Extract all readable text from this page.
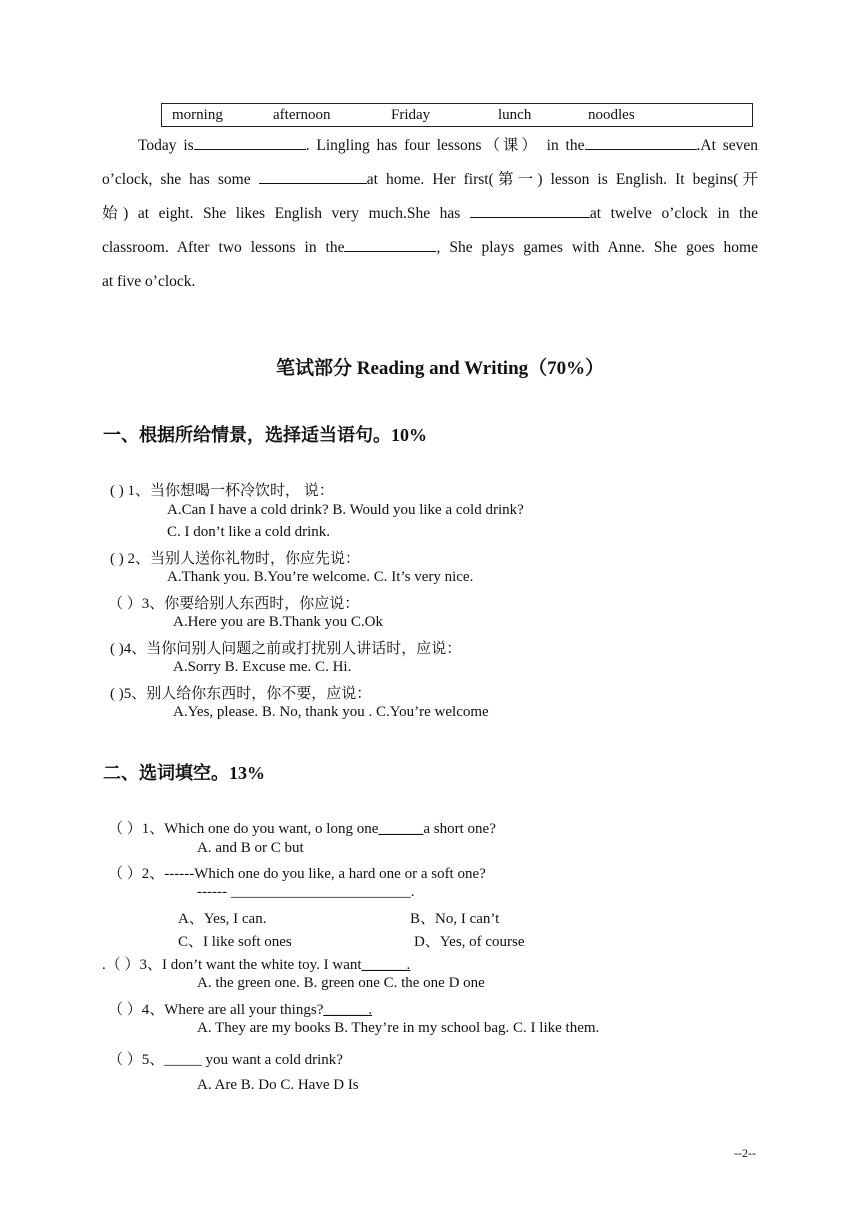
morning	afternoon	Friday	lunch	noodles
Today is	. Lingling has four lessons（课） in the	.At seven
o’clock, she has some	at home. Her first(第一) lesson is English. It begins(开
始) at eight. She likes English very much.She has	at twelve o’clock in the
classroom. After two lessons in the	, She plays games with Anne. She goes home
at five o’clock.
笔试部分 Reading and Writing（70%）
一、根据所给情景，选择适当语句。10%
( ) 1、当你想喝一杯冷饮时， 说：
A.Can I have a cold drink? B. Would you like a cold drink?
C. I don’t like a cold drink.
( ) 2、当别人送你礼物时，你应先说：
A.Thank you. B.You’re welcome. C. It’s very nice.
（ ）3、你要给别人东西时，你应说：
A.Here you are B.Thank you C.Ok
( )4、当你问别人问题之前或打扰别人讲话时，应说：
A.Sorry B. Excuse me. C. Hi.
( )5、别人给你东西时，你不要，应说：
A.Yes, please. B. No, thank you . C.You’re welcome
二、选词填空。13%
（ ）1、Which one do you want, o long one______a short one?
A. and B or C but
（ ）2、------Which one do you like, a hard one or a soft one?
------ ________________________.
A、Yes, I can.	B、No, I can’t
C、I like soft ones	D、Yes, of course
.（ ）3、I don’t want the white toy. I want______.
A. the green one. B. green one C. the one D one
（ ）4、Where are all your things?______.
A. They are my books B. They’re in my school bag. C. I like them.
（ ）5、_____ you want a cold drink?
A. Are B. Do C. Have D Is
--2--
